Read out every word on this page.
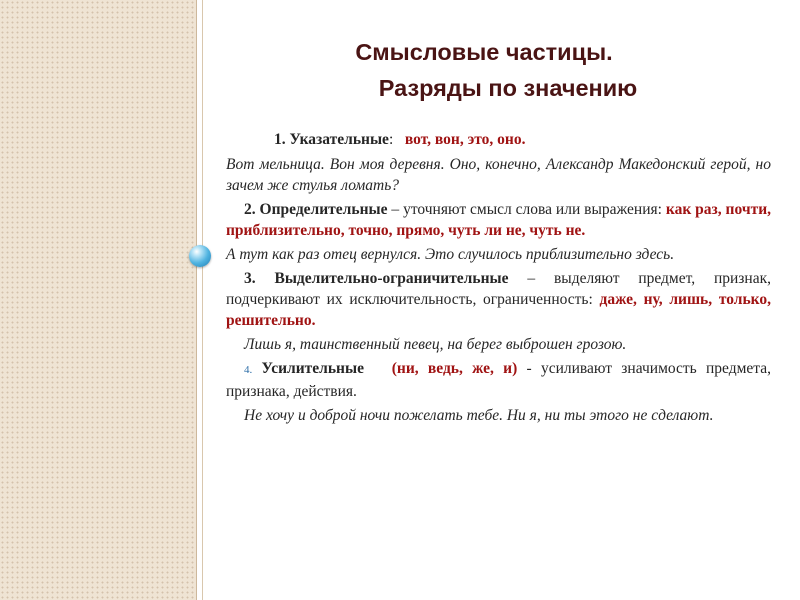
Смысловые частицы.
Разряды по значению

1. Указательные: вот, вон, это, оно.

Вот мельница. Вон моя деревня. Оно, конечно, Александр Македонский герой, но зачем же стулья ломать?

2. Определительные – уточняют смысл слова или выражения: как раз, почти, приблизительно, точно, прямо, чуть ли не, чуть не.

А тут как раз отец вернулся. Это случилось приблизительно здесь.

3. Выделительно-ограничительные – выделяют предмет, признак, подчеркивают их исключительность, ограниченность: даже, ну, лишь, только, решительно.

Лишь я, таинственный певец, на берег выброшен грозою.

4. Усилительные (ни, ведь, же, и) - усиливают значимость предмета, признака, действия.

Не хочу и доброй ночи пожелать тебе. Ни я, ни ты этого не сделают.
